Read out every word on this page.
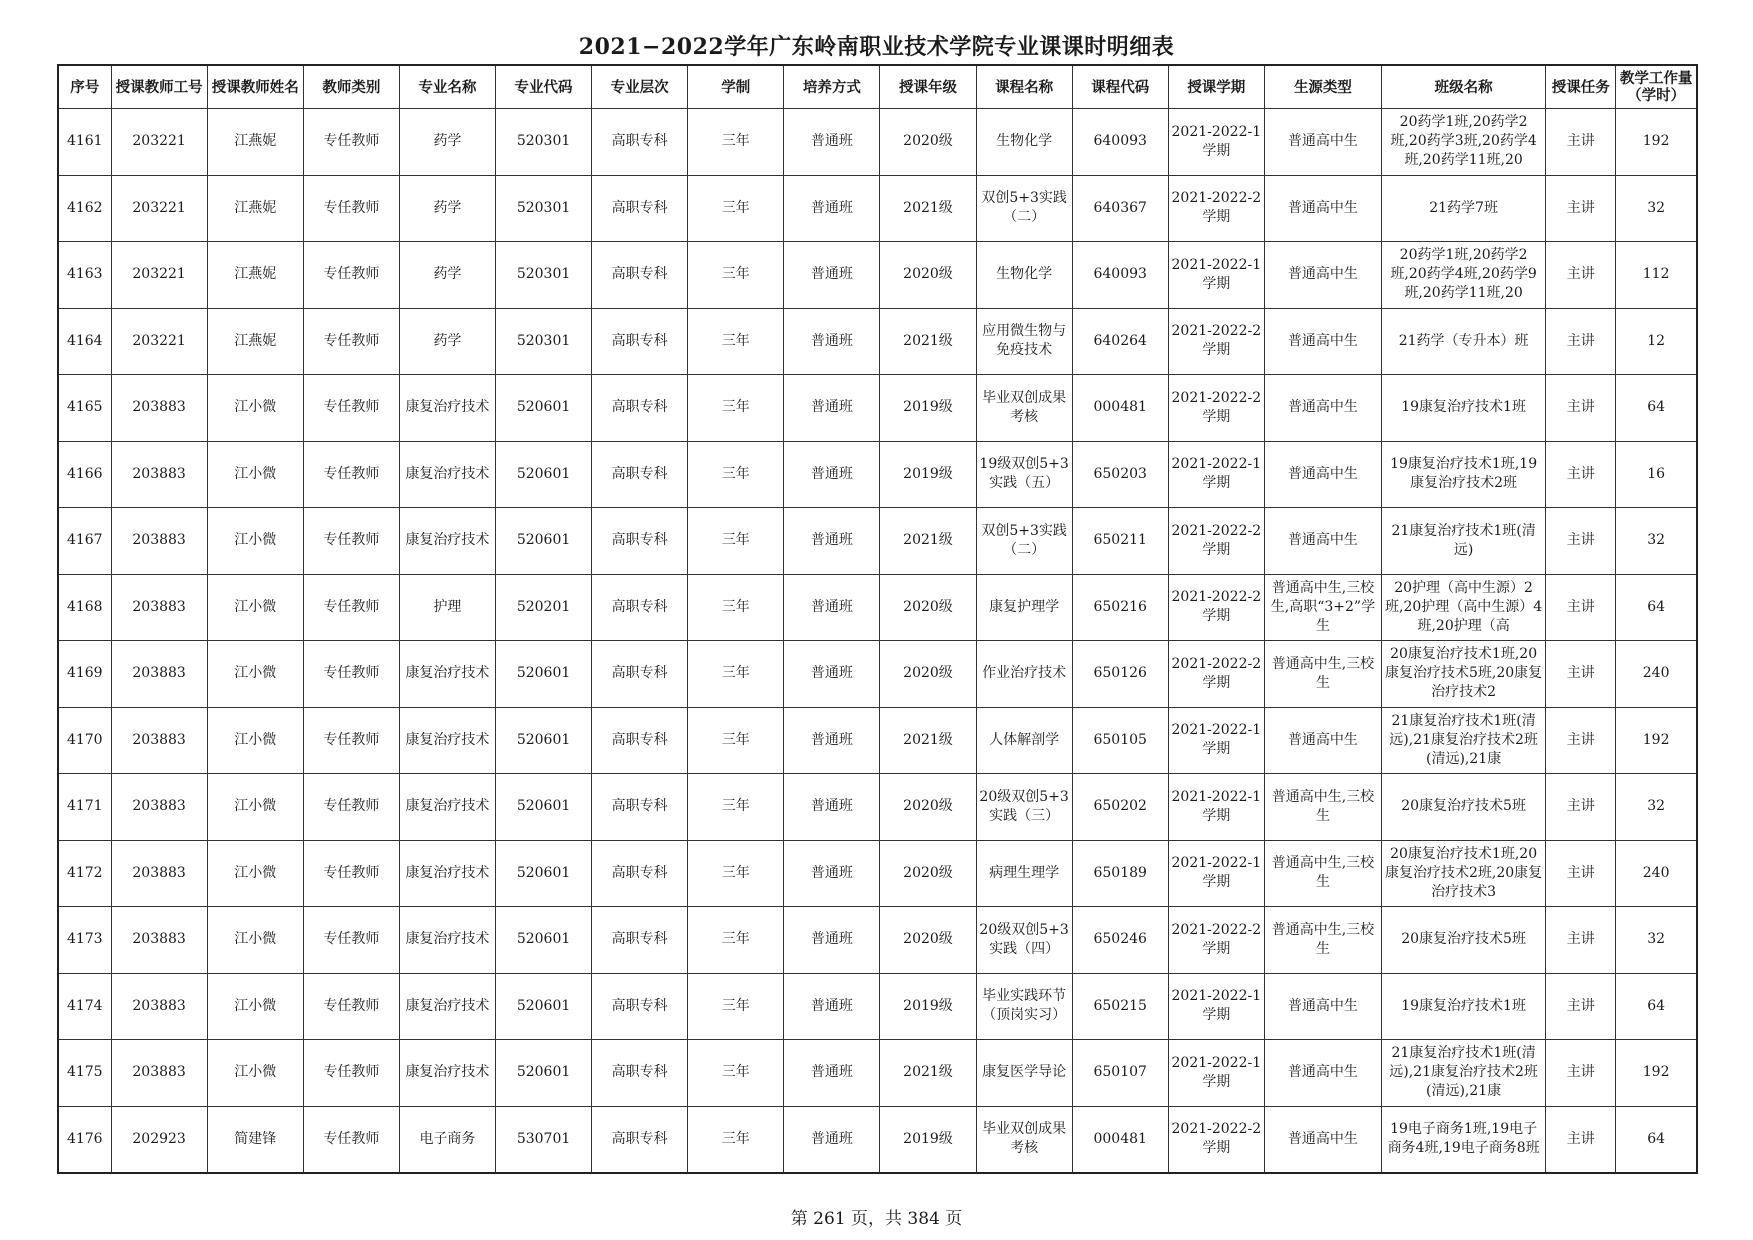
2021−2022学年广东岭南职业技术学院专业课课时明细表
序号	授课教师工号	授课教师姓名	教师类别	专业名称	专业代码	专业层次	学制	培养方式	授课年级	课程名称	课程代码	授课学期	生源类型	班级名称	授课任务	教学工作量（学时）

4161	203221	江燕妮	专任教师	药学	520301	高职专科	三年	普通班	2020级	生物化学	640093	2021-2022-1学期	普通高中生	20药学1班,20药学2班,20药学3班,20药学4班,20药学11班,20	主讲	192

4162	203221	江燕妮	专任教师	药学	520301	高职专科	三年	普通班	2021级	双创5+3实践（二）	640367	2021-2022-2学期	普通高中生	21药学7班	主讲	32

4163	203221	江燕妮	专任教师	药学	520301	高职专科	三年	普通班	2020级	生物化学	640093	2021-2022-1学期	普通高中生	20药学1班,20药学2班,20药学4班,20药学9班,20药学11班,20	主讲	112

4164	203221	江燕妮	专任教师	药学	520301	高职专科	三年	普通班	2021级	应用微生物与免疫技术	640264	2021-2022-2学期	普通高中生	21药学（专升本）班	主讲	12

4165	203883	江小微	专任教师	康复治疗技术	520601	高职专科	三年	普通班	2019级	毕业双创成果考核	000481	2021-2022-2学期	普通高中生	19康复治疗技术1班	主讲	64

4166	203883	江小微	专任教师	康复治疗技术	520601	高职专科	三年	普通班	2019级	19级双创5+3实践（五）	650203	2021-2022-1学期	普通高中生	19康复治疗技术1班,19康复治疗技术2班	主讲	16

4167	203883	江小微	专任教师	康复治疗技术	520601	高职专科	三年	普通班	2021级	双创5+3实践（二）	650211	2021-2022-2学期	普通高中生	21康复治疗技术1班(清远)	主讲	32

4168	203883	江小微	专任教师	护理	520201	高职专科	三年	普通班	2020级	康复护理学	650216	2021-2022-2学期	普通高中生,三校生,高职“3+2”学生	20护理（高中生源）2班,20护理（高中生源）4班,20护理（高	主讲	64

4169	203883	江小微	专任教师	康复治疗技术	520601	高职专科	三年	普通班	2020级	作业治疗技术	650126	2021-2022-2学期	普通高中生,三校生	20康复治疗技术1班,20康复治疗技术5班,20康复治疗技术2	主讲	240

4170	203883	江小微	专任教师	康复治疗技术	520601	高职专科	三年	普通班	2021级	人体解剖学	650105	2021-2022-1学期	普通高中生	21康复治疗技术1班(清远),21康复治疗技术2班(清远),21康	主讲	192

4171	203883	江小微	专任教师	康复治疗技术	520601	高职专科	三年	普通班	2020级	20级双创5+3实践（三）	650202	2021-2022-1学期	普通高中生,三校生	20康复治疗技术5班	主讲	32

4172	203883	江小微	专任教师	康复治疗技术	520601	高职专科	三年	普通班	2020级	病理生理学	650189	2021-2022-1学期	普通高中生,三校生	20康复治疗技术1班,20康复治疗技术2班,20康复治疗技术3	主讲	240

4173	203883	江小微	专任教师	康复治疗技术	520601	高职专科	三年	普通班	2020级	20级双创5+3实践（四）	650246	2021-2022-2学期	普通高中生,三校生	20康复治疗技术5班	主讲	32

4174	203883	江小微	专任教师	康复治疗技术	520601	高职专科	三年	普通班	2019级	毕业实践环节（顶岗实习）	650215	2021-2022-1学期	普通高中生	19康复治疗技术1班	主讲	64

4175	203883	江小微	专任教师	康复治疗技术	520601	高职专科	三年	普通班	2021级	康复医学导论	650107	2021-2022-1学期	普通高中生	21康复治疗技术1班(清远),21康复治疗技术2班(清远),21康	主讲	192

4176	202923	简建锋	专任教师	电子商务	530701	高职专科	三年	普通班	2019级	毕业双创成果考核	000481	2021-2022-2学期	普通高中生	19电子商务1班,19电子商务4班,19电子商务8班	主讲	64
第 261 页，共 384 页
